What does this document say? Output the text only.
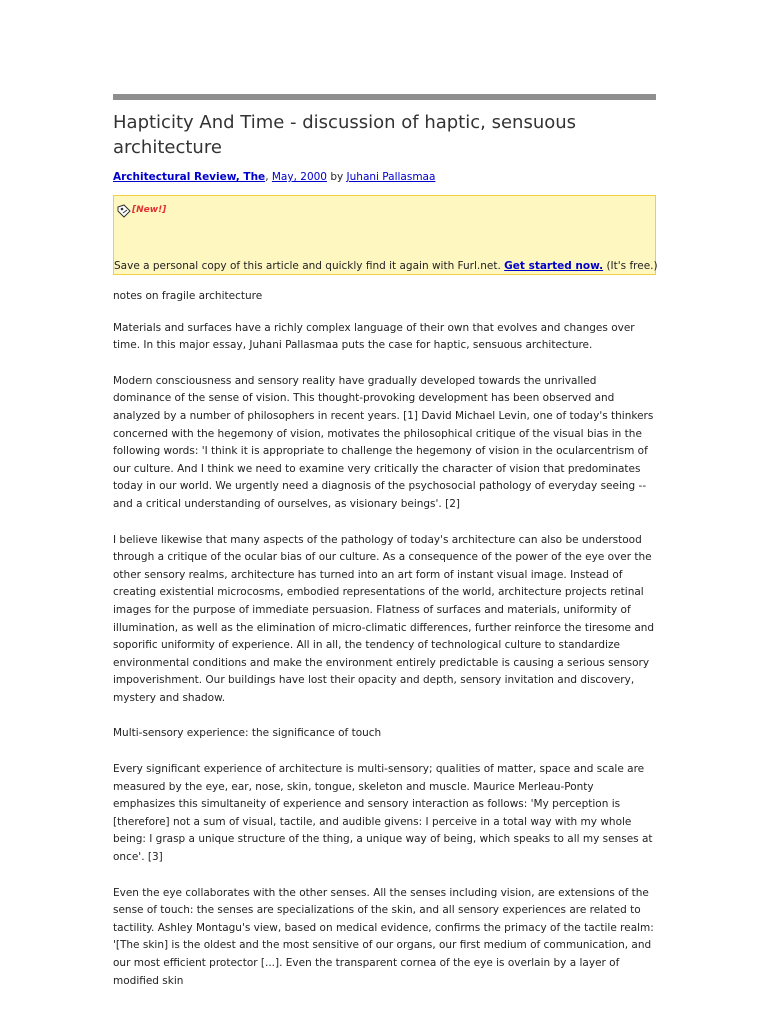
Hapticity And Time - discussion of haptic, sensuous architecture
Architectural Review, The, May, 2000 by Juhani Pallasmaa
[New!]
Save a personal copy of this article and quickly find it again with Furl.net. Get started now. (It's free.)

notes on fragile architecture

Materials and surfaces have a richly complex language of their own that evolves and changes over time. In this major essay, Juhani Pallasmaa puts the case for haptic, sensuous architecture.

Modern consciousness and sensory reality have gradually developed towards the unrivalled dominance of the sense of vision. This thought-provoking development has been observed and analyzed by a number of philosophers in recent years. [1] David Michael Levin, one of today's thinkers concerned with the hegemony of vision, motivates the philosophical critique of the visual bias in the following words: 'I think it is appropriate to challenge the hegemony of vision in the ocularcentrism of our culture. And I think we need to examine very critically the character of vision that predominates today in our world. We urgently need a diagnosis of the psychosocial pathology of everyday seeing -- and a critical understanding of ourselves, as visionary beings'. [2]

I believe likewise that many aspects of the pathology of today's architecture can also be understood through a critique of the ocular bias of our culture. As a consequence of the power of the eye over the other sensory realms, architecture has turned into an art form of instant visual image. Instead of creating existential microcosms, embodied representations of the world, architecture projects retinal images for the purpose of immediate persuasion. Flatness of surfaces and materials, uniformity of illumination, as well as the elimination of micro-climatic differences, further reinforce the tiresome and soporific uniformity of experience. All in all, the tendency of technological culture to standardize environmental conditions and make the environment entirely predictable is causing a serious sensory impoverishment. Our buildings have lost their opacity and depth, sensory invitation and discovery, mystery and shadow.

Multi-sensory experience: the significance of touch

Every significant experience of architecture is multi-sensory; qualities of matter, space and scale are measured by the eye, ear, nose, skin, tongue, skeleton and muscle. Maurice Merleau-Ponty emphasizes this simultaneity of experience and sensory interaction as follows: 'My perception is [therefore] not a sum of visual, tactile, and audible givens: I perceive in a total way with my whole being: I grasp a unique structure of the thing, a unique way of being, which speaks to all my senses at once'. [3]

Even the eye collaborates with the other senses. All the senses including vision, are extensions of the sense of touch: the senses are specializations of the skin, and all sensory experiences are related to tactility. Ashley Montagu's view, based on medical evidence, confirms the primacy of the tactile realm: '[The skin] is the oldest and the most sensitive of our organs, our first medium of communication, and our most efficient protector [...]. Even the transparent cornea of the eye is overlain by a layer of modified skin
